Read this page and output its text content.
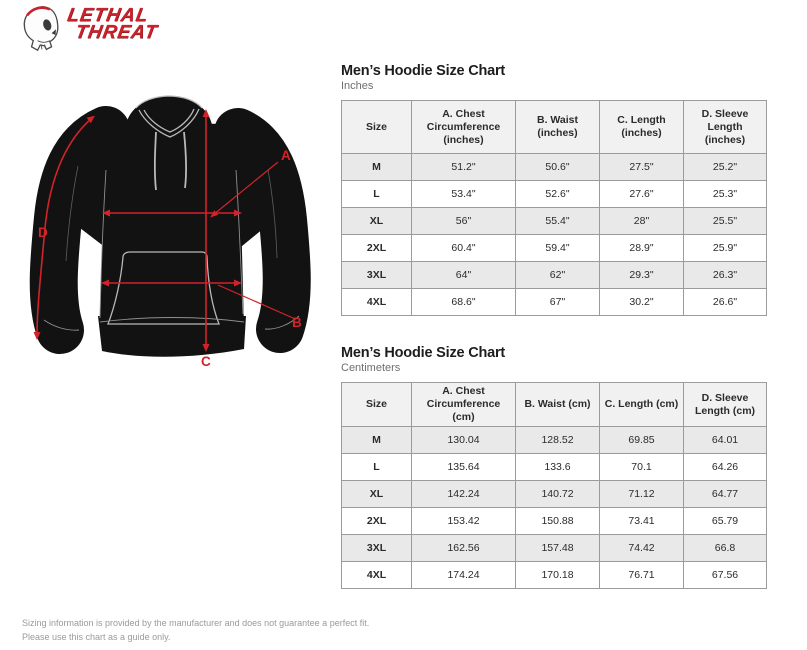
LETHAL
THREAT
A
B
C
D
Men’s Hoodie Size Chart
Inches
Size	A. Chest Circumference (inches)	B. Waist (inches)	C. Length (inches)	D. Sleeve Length (inches)
M	51.2"	50.6"	27.5"	25.2"
L	53.4"	52.6"	27.6"	25.3"
XL	56"	55.4"	28"	25.5"
2XL	60.4"	59.4"	28.9"	25.9"
3XL	64"	62"	29.3"	26.3"
4XL	68.6"	67"	30.2"	26.6"
Men’s Hoodie Size Chart
Centimeters
Size	A. Chest Circumference (cm)	B. Waist (cm)	C. Length (cm)	D. Sleeve Length (cm)
M	130.04	128.52	69.85	64.01
L	135.64	133.6	70.1	64.26
XL	142.24	140.72	71.12	64.77
2XL	153.42	150.88	73.41	65.79
3XL	162.56	157.48	74.42	66.8
4XL	174.24	170.18	76.71	67.56
Sizing information is provided by the manufacturer and does not guarantee a perfect fit.
Please use this chart as a guide only.
